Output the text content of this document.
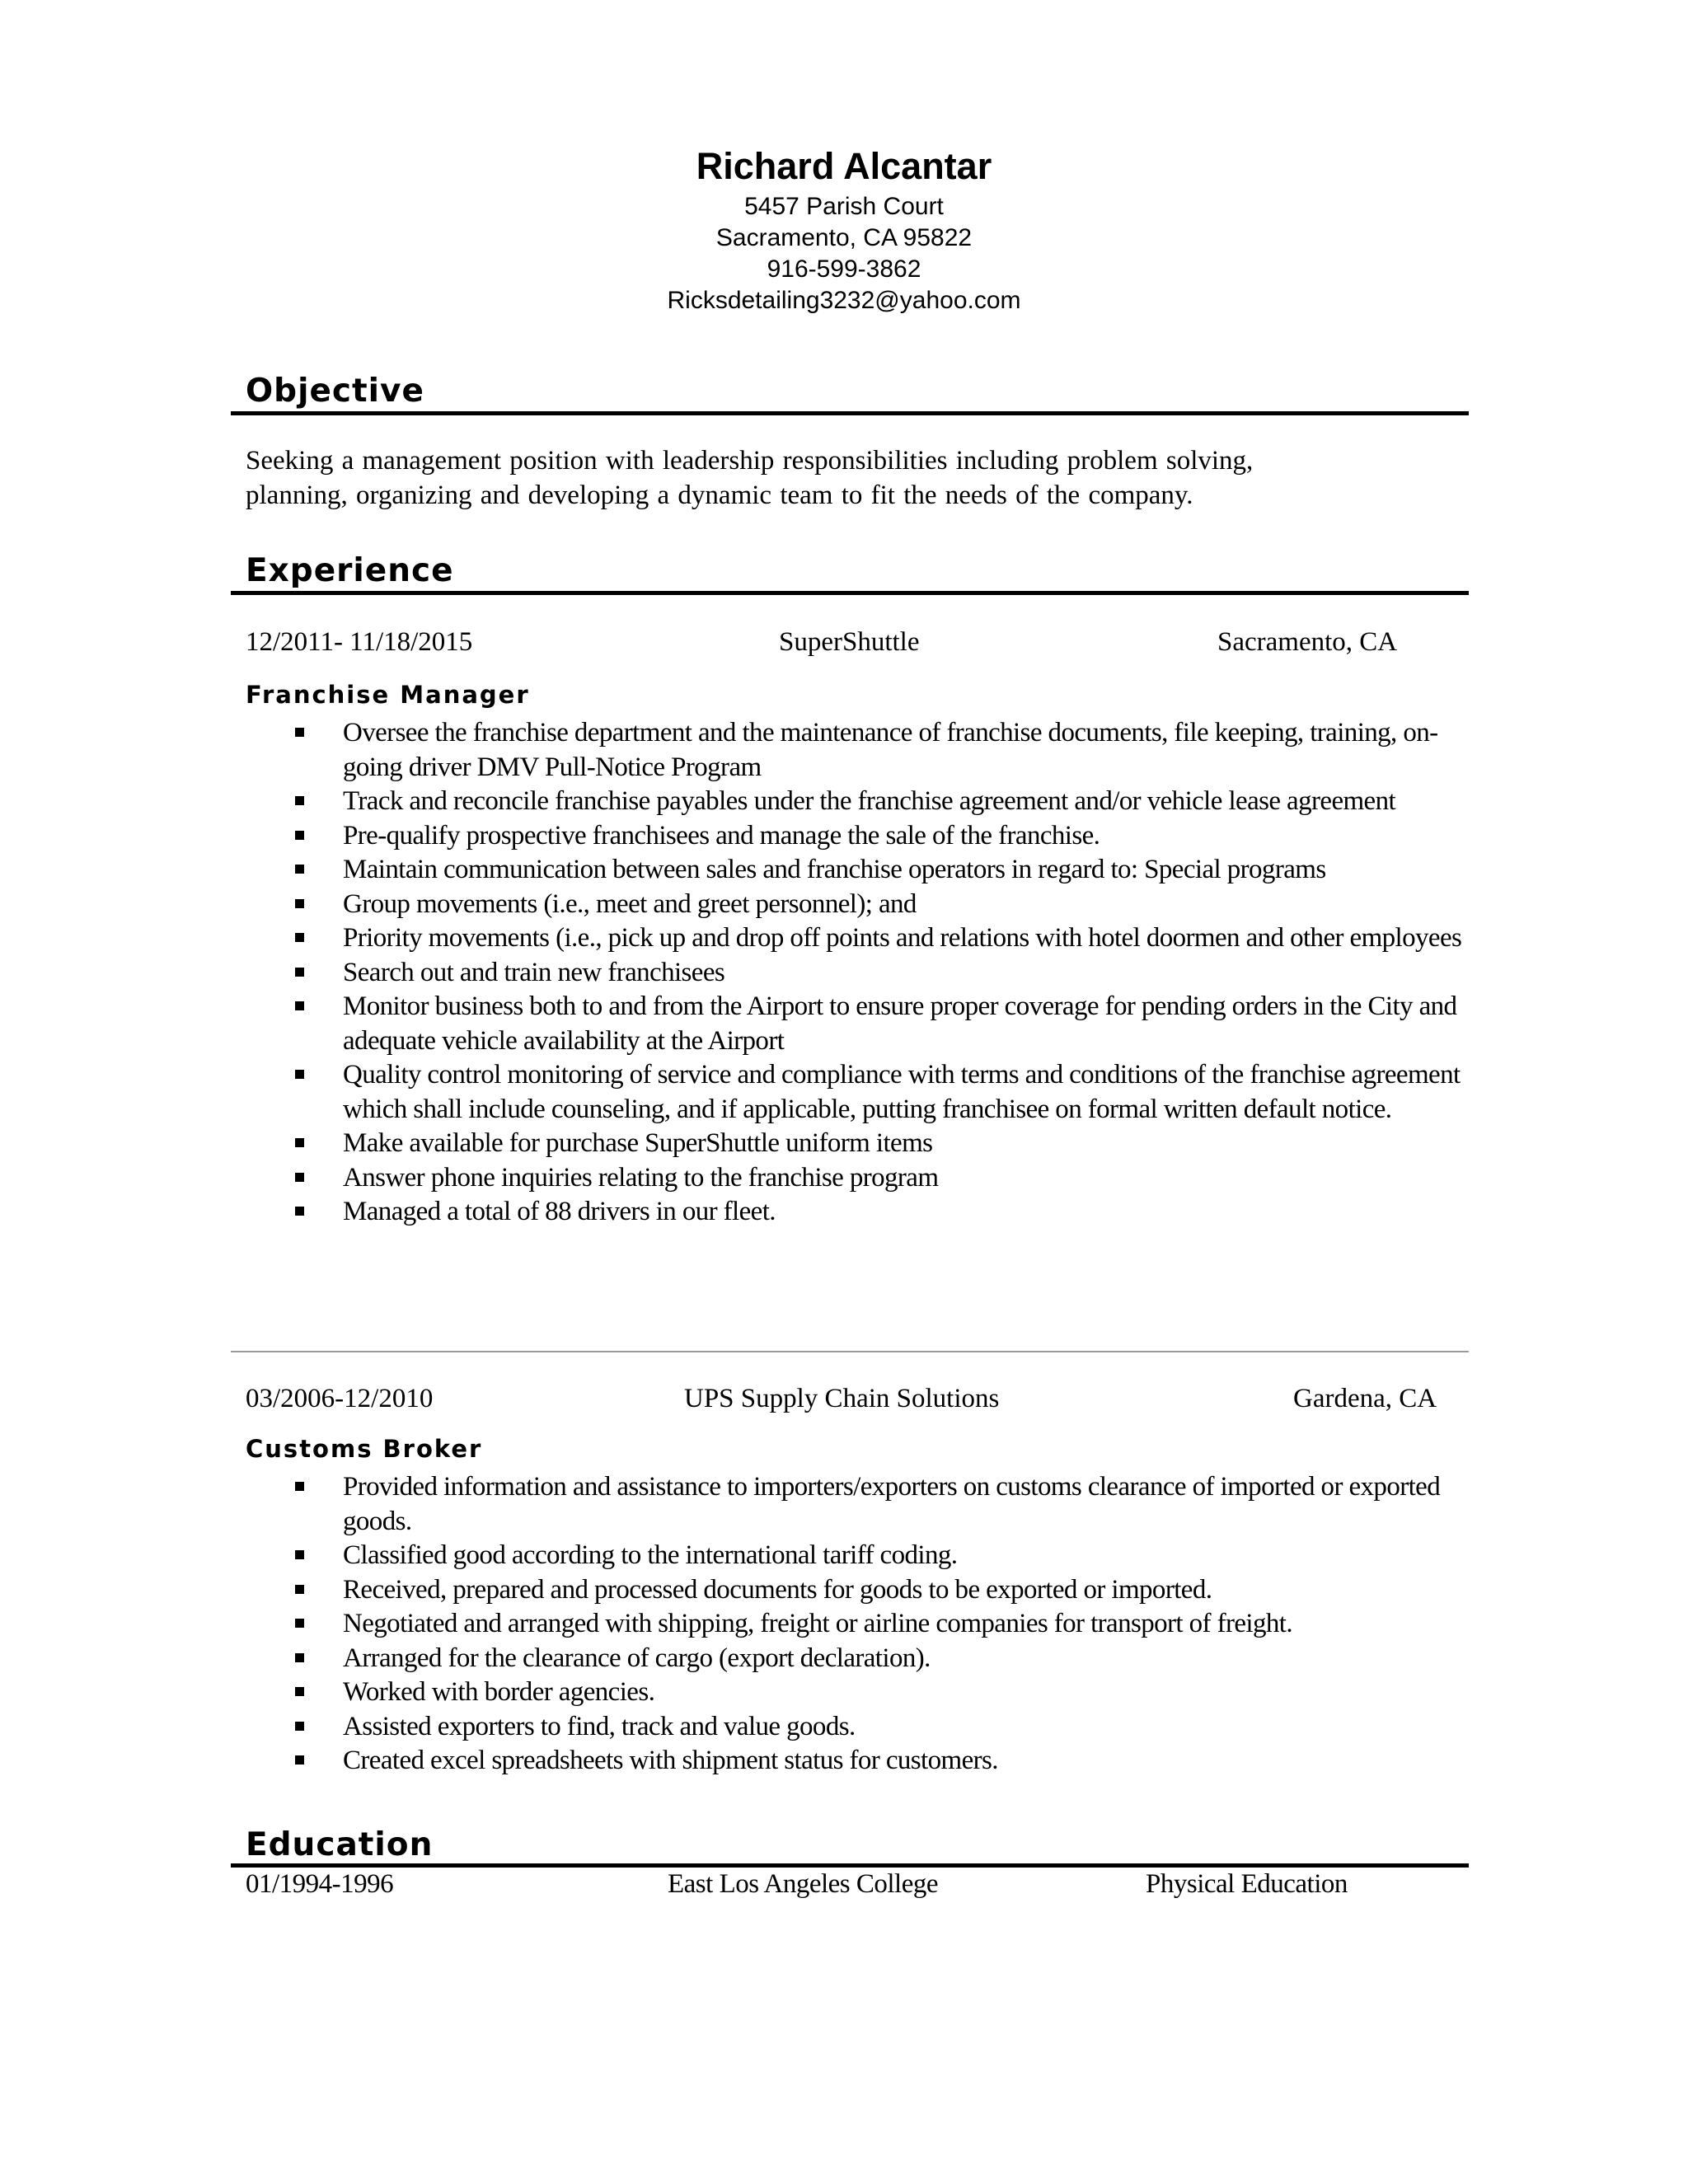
Richard Alcantar
5457 Parish Court
Sacramento, CA 95822
916-599-3862
Ricksdetailing3232@yahoo.com
Objective
Seeking a management position with leadership responsibilities including problem solving,
planning, organizing and developing a dynamic team to fit the needs of the company.
Experience
12/2011- 11/18/2015	SuperShuttle	Sacramento, CA
Franchise Manager
Oversee the franchise department and the maintenance of franchise documents, file keeping, training, on-going driver DMV Pull-Notice Program
Track and reconcile franchise payables under the franchise agreement and/or vehicle lease agreement
Pre-qualify prospective franchisees and manage the sale of the franchise.
Maintain communication between sales and franchise operators in regard to: Special programs
Group movements (i.e., meet and greet personnel); and
Priority movements (i.e., pick up and drop off points and relations with hotel doormen and other employees
Search out and train new franchisees
Monitor business both to and from the Airport to ensure proper coverage for pending orders in the City and adequate vehicle availability at the Airport
Quality control monitoring of service and compliance with terms and conditions of the franchise agreement which shall include counseling, and if applicable, putting franchisee on formal written default notice.
Make available for purchase SuperShuttle uniform items
Answer phone inquiries relating to the franchise program
Managed a total of 88 drivers in our fleet.
03/2006-12/2010	UPS Supply Chain Solutions	Gardena, CA
Customs Broker
Provided information and assistance to importers/exporters on customs clearance of imported or exported goods.
Classified good according to the international tariff coding.
Received, prepared and processed documents for goods to be exported or imported.
Negotiated and arranged with shipping, freight or airline companies for transport of freight.
Arranged for the clearance of cargo (export declaration).
Worked with border agencies.
Assisted exporters to find, track and value goods.
Created excel spreadsheets with shipment status for customers.
Education
01/1994-1996	East Los Angeles College	Physical Education
